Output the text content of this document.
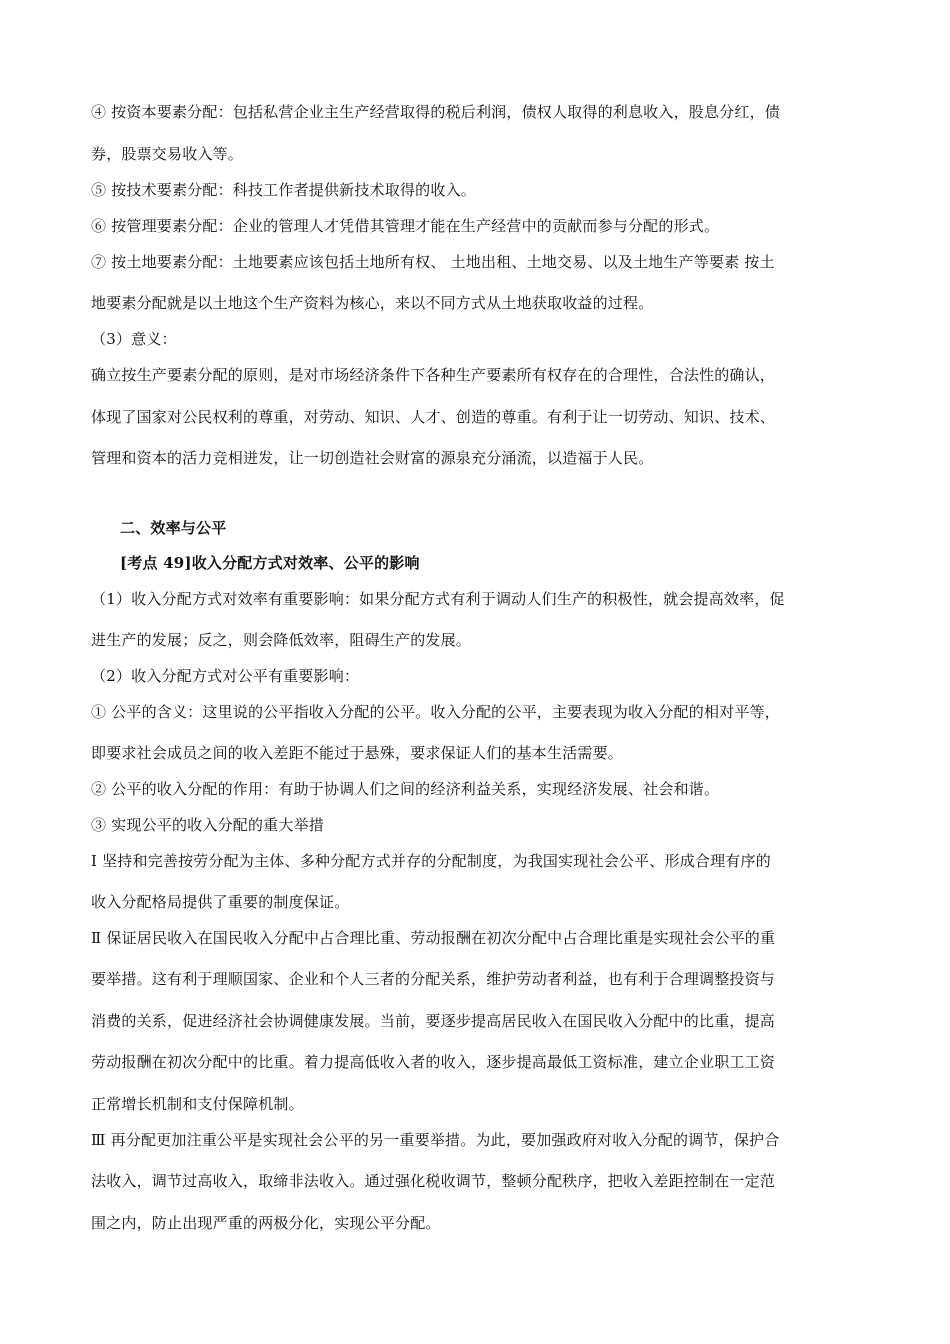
④ 按资本要素分配：包括私营企业主生产经营取得的税后利润，债权人取得的利息收入，股息分红，债
券，股票交易收入等。
⑤ 按技术要素分配：科技工作者提供新技术取得的收入。
⑥ 按管理要素分配：企业的管理人才凭借其管理才能在生产经营中的贡献而参与分配的形式。
⑦ 按土地要素分配：土地要素应该包括土地所有权、 土地出租、土地交易、以及土地生产等要素 按土
地要素分配就是以土地这个生产资料为核心，来以不同方式从土地获取收益的过程。
（3）意义：
确立按生产要素分配的原则，是对市场经济条件下各种生产要素所有权存在的合理性，合法性的确认，
体现了国家对公民权利的尊重，对劳动、知识、人才、创造的尊重。有利于让一切劳动、知识、技术、
管理和资本的活力竞相迸发，让一切创造社会财富的源泉充分涌流，以造福于人民。
二、效率与公平
[考点 49]收入分配方式对效率、公平的影响
（1）收入分配方式对效率有重要影响：如果分配方式有利于调动人们生产的积极性，就会提高效率，促
进生产的发展；反之，则会降低效率，阻碍生产的发展。
（2）收入分配方式对公平有重要影响：
① 公平的含义：这里说的公平指收入分配的公平。收入分配的公平，主要表现为收入分配的相对平等，
即要求社会成员之间的收入差距不能过于悬殊，要求保证人们的基本生活需要。
② 公平的收入分配的作用：有助于协调人们之间的经济利益关系，实现经济发展、社会和谐。
③ 实现公平的收入分配的重大举措
Ⅰ 坚持和完善按劳分配为主体、多种分配方式并存的分配制度，为我国实现社会公平、形成合理有序的
收入分配格局提供了重要的制度保证。
Ⅱ 保证居民收入在国民收入分配中占合理比重、劳动报酬在初次分配中占合理比重是实现社会公平的重
要举措。这有利于理顺国家、企业和个人三者的分配关系，维护劳动者利益，也有利于合理调整投资与
消费的关系，促进经济社会协调健康发展。当前，要逐步提高居民收入在国民收入分配中的比重，提高
劳动报酬在初次分配中的比重。着力提高低收入者的收入，逐步提高最低工资标准，建立企业职工工资
正常增长机制和支付保障机制。
Ⅲ 再分配更加注重公平是实现社会公平的另一重要举措。为此，要加强政府对收入分配的调节，保护合
法收入，调节过高收入，取缔非法收入。通过强化税收调节，整顿分配秩序，把收入差距控制在一定范
围之内，防止出现严重的两极分化，实现公平分配。
